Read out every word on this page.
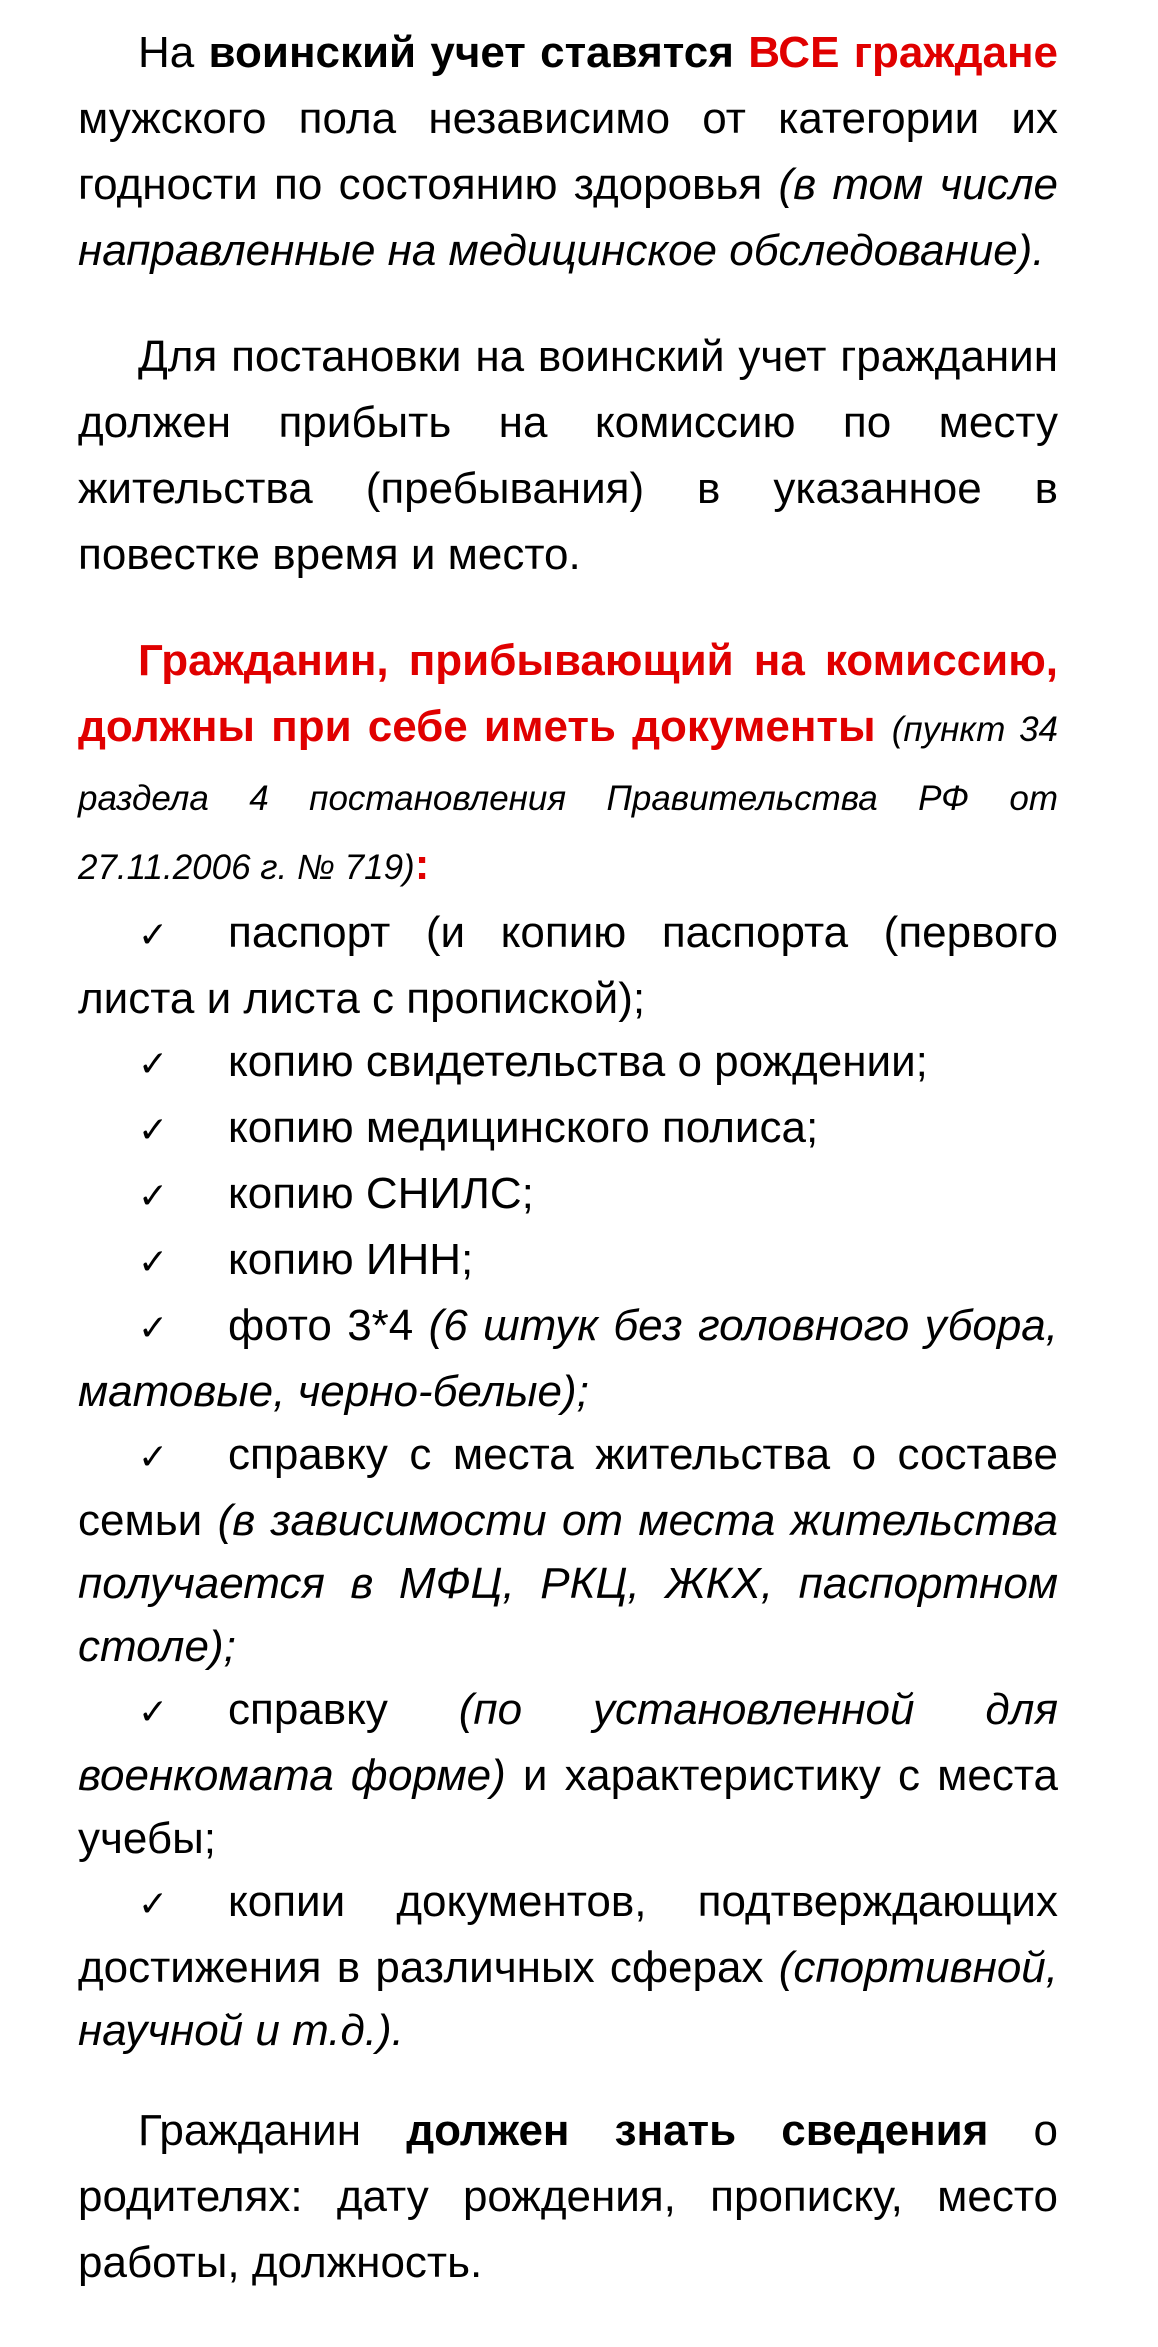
На воинский учет ставятся ВСЕ граждане мужского пола независимо от категории их годности по состоянию здоровья (в том числе направленные на медицинское обследование).

Для постановки на воинский учет гражданин должен прибыть на комиссию по месту жительства (пребывания) в указанное в повестке время и место.

Гражданин, прибывающий на комиссию, должны при себе иметь документы (пункт 34 раздела 4 постановления Правительства РФ от 27.11.2006 г. № 719):

✓ паспорт (и копию паспорта (первого листа и листа с пропиской);
✓ копию свидетельства о рождении;
✓ копию медицинского полиса;
✓ копию СНИЛС;
✓ копию ИНН;
✓ фото 3*4 (6 штук без головного убора, матовые, черно-белые);
✓ справку с места жительства о составе семьи (в зависимости от места жительства получается в МФЦ, РКЦ, ЖКХ, паспортном столе);
✓ справку (по установленной для военкомата форме) и характеристику с места учебы;
✓ копии документов, подтверждающих достижения в различных сферах (спортивной, научной и т.д.).

Гражданин должен знать сведения о родителях: дату рождения, прописку, место работы, должность.
